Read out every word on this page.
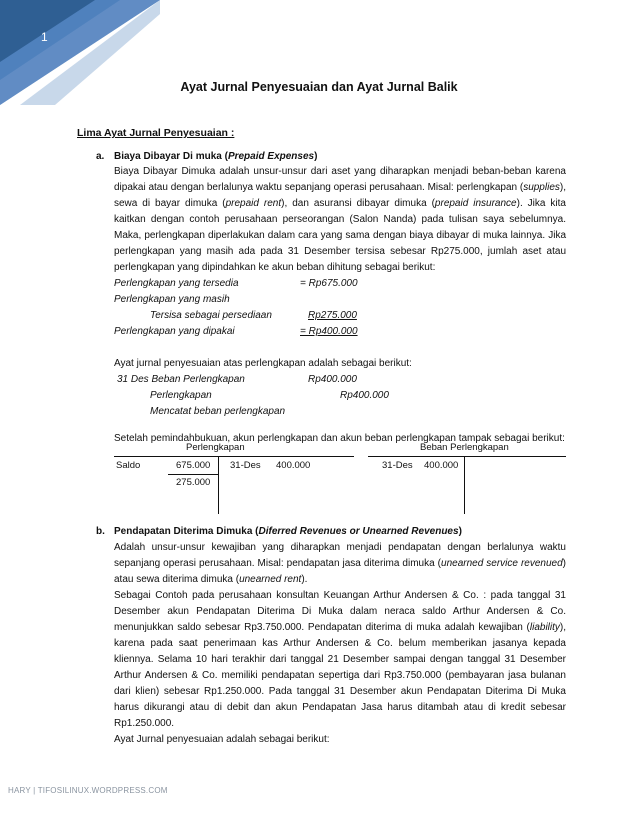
1
Ayat Jurnal Penyesuaian dan Ayat Jurnal Balik
Lima Ayat Jurnal Penyesuaian :
a. Biaya Dibayar Di muka (Prepaid Expenses)

Biaya Dibayar Dimuka adalah unsur-unsur dari aset yang diharapkan menjadi beban-beban karena dipakai atau dengan berlalunya waktu sepanjang operasi perusahaan. Misal: perlengkapan (supplies), sewa di bayar dimuka (prepaid rent), dan asuransi dibayar dimuka (prepaid insurance). Jika kita kaitkan dengan contoh perusahaan perseorangan (Salon Nanda) pada tulisan saya sebelumnya. Maka, perlengkapan diperlakukan dalam cara yang sama dengan biaya dibayar di muka lainnya. Jika perlengkapan yang masih ada pada 31 Desember tersisa sebesar Rp275.000, jumlah aset atau perlengkapan yang dipindahkan ke akun beban dihitung sebagai berikut:

Perlengkapan yang tersedia	= Rp675.000
Perlengkapan yang masih
Tersisa sebagai persediaan	Rp275.000
Perlengkapan yang dipakai	= Rp400.000
Ayat jurnal penyesuaian atas perlengkapan adalah sebagai berikut:
31 Des Beban Perlengkapan	Rp400.000
Perlengkapan	Rp400.000
Mencatat beban perlengkapan

Setelah pemindahbukuan, akun perlengkapan dan akun beban perlengkapan tampak sebagai berikut:

Perlengkapan
Saldo	675.000 31-Des 400.000
275.000
Beban Perlengkapan
31-Des 400.000
b. Pendapatan Diterima Dimuka (Diferred Revenues or Unearned Revenues)

Adalah unsur-unsur kewajiban yang diharapkan menjadi pendapatan dengan berlalunya waktu sepanjang operasi perusahaan. Misal: pendapatan jasa diterima dimuka (unearned service revenued) atau sewa diterima dimuka (unearned rent).

Sebagai Contoh pada perusahaan konsultan Keuangan Arthur Andersen & Co. : pada tanggal 31 Desember akun Pendapatan Diterima Di Muka dalam neraca saldo Arthur Andersen & Co. menunjukkan saldo sebesar Rp3.750.000. Pendapatan diterima di muka adalah kewajiban (liability), karena pada saat penerimaan kas Arthur Andersen & Co. belum memberikan jasanya kepada kliennya. Selama 10 hari terakhir dari tanggal 21 Desember sampai dengan tanggal 31 Desember Arthur Andersen & Co. memiliki pendapatan sepertiga dari Rp3.750.000 (pembayaran jasa bulanan dari klien) sebesar Rp1.250.000. Pada tanggal 31 Desember akun Pendapatan Diterima Di Muka harus dikurangi atau di debit dan akun Pendapatan Jasa harus ditambah atau di kredit sebesar Rp1.250.000.

Ayat Jurnal penyesuaian adalah sebagai berikut:

HARY | TIFOSILINUX.WORDPRESS.COM
